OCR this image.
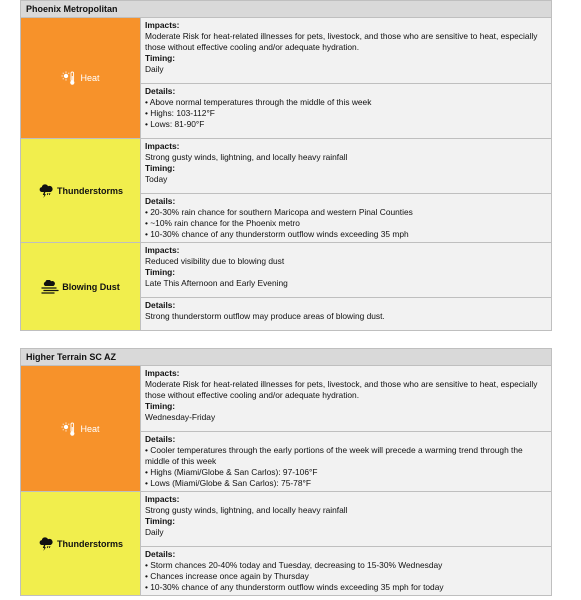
Phoenix Metropolitan
Heat
Impacts:
Moderate Risk for heat-related illnesses for pets, livestock, and those who are sensitive to heat, especially those without effective cooling and/or adequate hydration.
Timing:
Daily
Details:
• Above normal temperatures through the middle of this week
• Highs: 103-112°F
• Lows: 81-90°F
Thunderstorms
Impacts:
Strong gusty winds, lightning, and locally heavy rainfall
Timing:
Today
Details:
• 20-30% rain chance for southern Maricopa and western Pinal Counties
• ~10% rain chance for the Phoenix metro
• 10-30% chance of any thunderstorm outflow winds exceeding 35 mph
Blowing Dust
Impacts:
Reduced visibility due to blowing dust
Timing:
Late This Afternoon and Early Evening
Details:
Strong thunderstorm outflow may produce areas of blowing dust.
Higher Terrain SC AZ
Heat
Impacts:
Moderate Risk for heat-related illnesses for pets, livestock, and those who are sensitive to heat, especially those without effective cooling and/or adequate hydration.
Timing:
Wednesday-Friday
Details:
• Cooler temperatures through the early portions of the week will precede a warming trend through the middle of this week
• Highs (Miami/Globe & San Carlos): 97-106°F
• Lows (Miami/Globe & San Carlos): 75-78°F
Thunderstorms
Impacts:
Strong gusty winds, lightning, and locally heavy rainfall
Timing:
Daily
Details:
• Storm chances 20-40% today and Tuesday, decreasing to 15-30% Wednesday
• Chances increase once again by Thursday
• 10-30% chance of any thunderstorm outflow winds exceeding 35 mph for today
